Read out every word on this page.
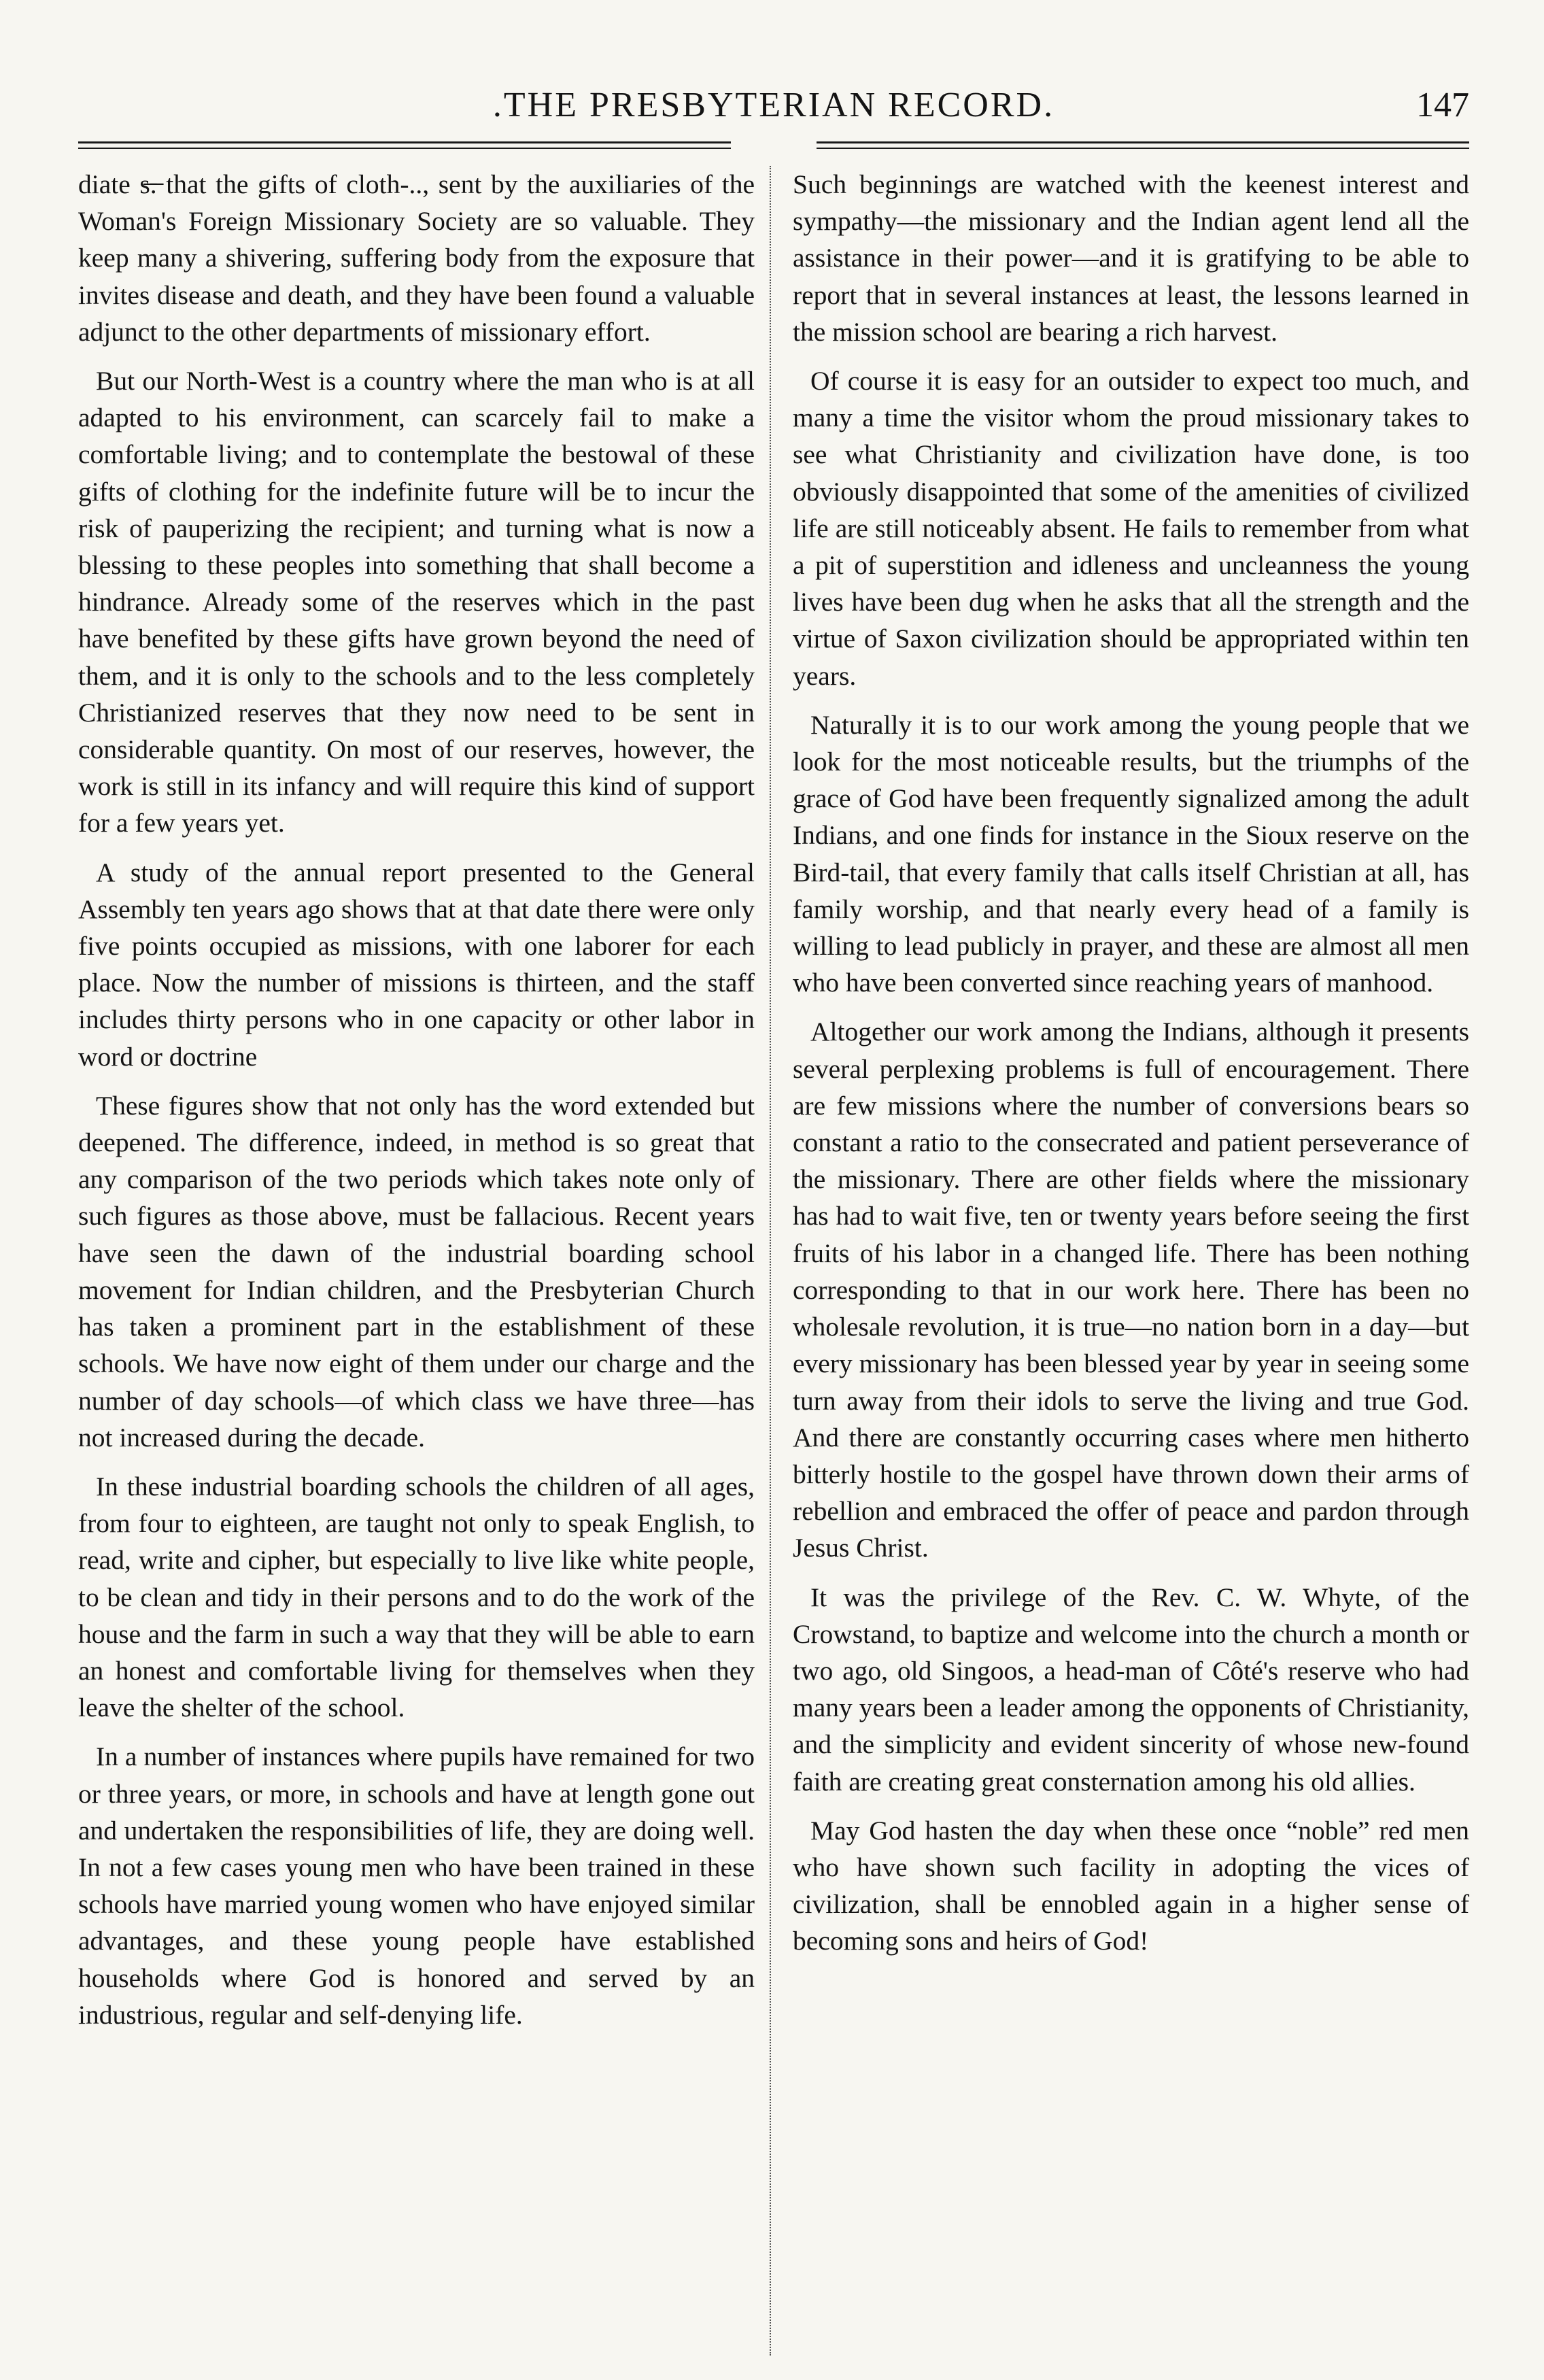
.THE PRESBYTERIAN RECORD.	147

diate s̶.̶̶ that the gifts of cloth-.., sent by the auxiliaries of the Woman's Foreign Missionary Society are so valuable. They keep many a shivering, suffering body from the exposure that invites disease and death, and they have been found a valuable adjunct to the other departments of missionary effort.

But our North-West is a country where the man who is at all adapted to his environment, can scarcely fail to make a comfortable living; and to contemplate the bestowal of these gifts of clothing for the indefinite future will be to incur the risk of pauperizing the recipient; and turning what is now a blessing to these peoples into something that shall become a hindrance. Already some of the reserves which in the past have benefited by these gifts have grown beyond the need of them, and it is only to the schools and to the less completely Christianized reserves that they now need to be sent in considerable quantity. On most of our reserves, however, the work is still in its infancy and will require this kind of support for a few years yet.

A study of the annual report presented to the General Assembly ten years ago shows that at that date there were only five points occupied as missions, with one laborer for each place. Now the number of missions is thirteen, and the staff includes thirty persons who in one capacity or other labor in word or doctrine

These figures show that not only has the word extended but deepened. The difference, indeed, in method is so great that any comparison of the two periods which takes note only of such figures as those above, must be fallacious. Recent years have seen the dawn of the industrial boarding school movement for Indian children, and the Presbyterian Church has taken a prominent part in the establishment of these schools. We have now eight of them under our charge and the number of day schools—of which class we have three—has not increased during the decade.

In these industrial boarding schools the children of all ages, from four to eighteen, are taught not only to speak English, to read, write and cipher, but especially to live like white people, to be clean and tidy in their persons and to do the work of the house and the farm in such a way that they will be able to earn an honest and comfortable living for themselves when they leave the shelter of the school.

In a number of instances where pupils have remained for two or three years, or more, in schools and have at length gone out and undertaken the responsibilities of life, they are doing well. In not a few cases young men who have been trained in these schools have married young women who have enjoyed similar advantages, and these young people have established households where God is honored and served by an industrious, regular and self-denying life.

Such beginnings are watched with the keenest interest and sympathy—the missionary and the Indian agent lend all the assistance in their power—and it is gratifying to be able to report that in several instances at least, the lessons learned in the mission school are bearing a rich harvest.

Of course it is easy for an outsider to expect too much, and many a time the visitor whom the proud missionary takes to see what Christianity and civilization have done, is too obviously disappointed that some of the amenities of civilized life are still noticeably absent. He fails to remember from what a pit of superstition and idleness and uncleanness the young lives have been dug when he asks that all the strength and the virtue of Saxon civilization should be appropriated within ten years.

Naturally it is to our work among the young people that we look for the most noticeable results, but the triumphs of the grace of God have been frequently signalized among the adult Indians, and one finds for instance in the Sioux reserve on the Bird-tail, that every family that calls itself Christian at all, has family worship, and that nearly every head of a family is willing to lead publicly in prayer, and these are almost all men who have been converted since reaching years of manhood.

Altogether our work among the Indians, although it presents several perplexing problems is full of encouragement. There are few missions where the number of conversions bears so constant a ratio to the consecrated and patient perseverance of the missionary. There are other fields where the missionary has had to wait five, ten or twenty years before seeing the first fruits of his labor in a changed life. There has been nothing corresponding to that in our work here. There has been no wholesale revolution, it is true—no nation born in a day—but every missionary has been blessed year by year in seeing some turn away from their idols to serve the living and true God. And there are constantly occurring cases where men hitherto bitterly hostile to the gospel have thrown down their arms of rebellion and embraced the offer of peace and pardon through Jesus Christ.

It was the privilege of the Rev. C. W. Whyte, of the Crowstand, to baptize and welcome into the church a month or two ago, old Singoos, a head-man of Côté's reserve who had many years been a leader among the opponents of Christianity, and the simplicity and evident sincerity of whose new-found faith are creating great consternation among his old allies.

May God hasten the day when these once “noble” red men who have shown such facility in adopting the vices of civilization, shall be ennobled again in a higher sense of becoming sons and heirs of God!
